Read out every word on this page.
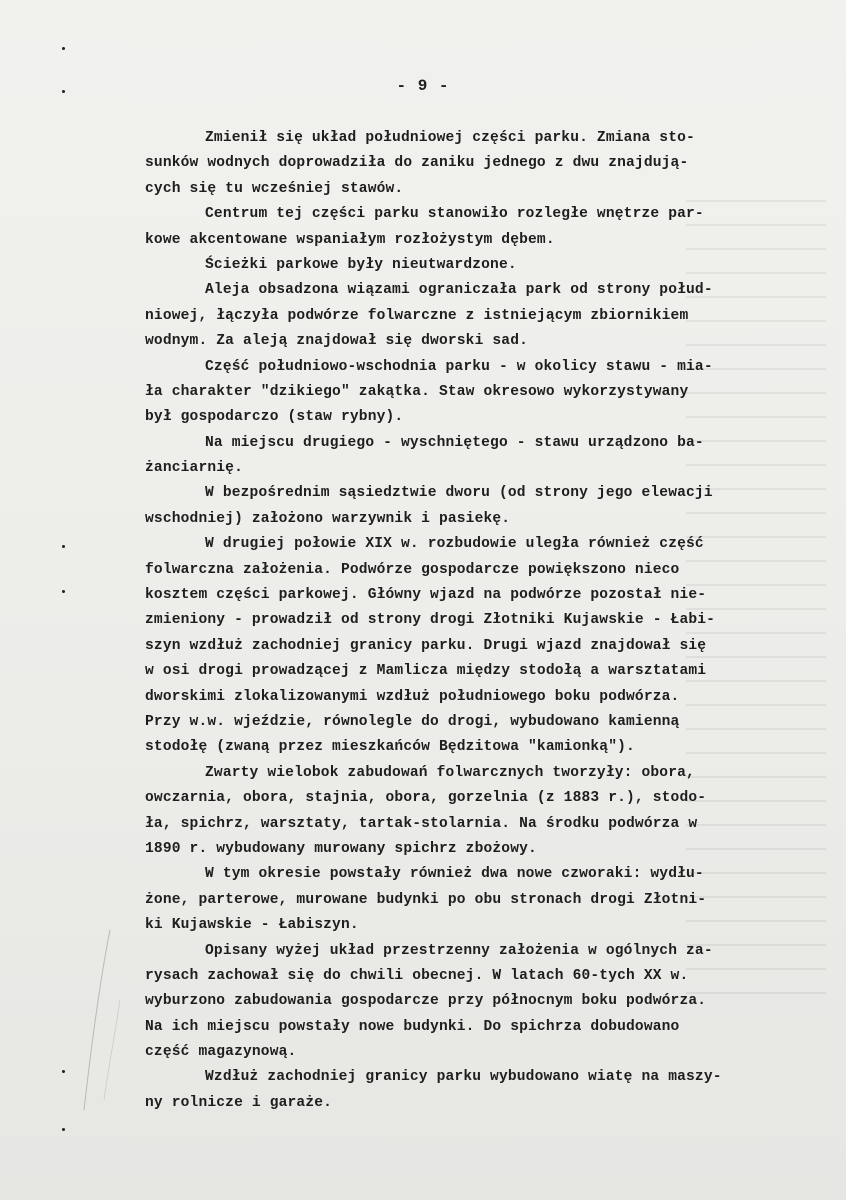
- 9 -
Zmienił się układ południowej części parku. Zmiana sto-
sunków wodnych doprowadziła do zaniku jednego z dwu znajdują-
cych się tu wcześniej stawów.
Centrum tej części parku stanowiło rozległe wnętrze par-
kowe akcentowane wspaniałym rozłożystym dębem.
Ścieżki parkowe były nieutwardzone.
Aleja obsadzona wiązami ograniczała park od strony połud-
niowej, łączyła podwórze folwarczne z istniejącym zbiornikiem
wodnym. Za aleją znajdował się dworski sad.
Część południowo-wschodnia parku - w okolicy stawu - mia-
ła charakter "dzikiego" zakątka. Staw okresowo wykorzystywany
był gospodarczo (staw rybny).
Na miejscu drugiego - wyschniętego - stawu urządzono ba-
żanciarnię.
W bezpośrednim sąsiedztwie dworu (od strony jego elewacji
wschodniej) założono warzywnik i pasiekę.
W drugiej połowie XIX w. rozbudowie uległa również część
folwarczna założenia. Podwórze gospodarcze powiększono nieco
kosztem części parkowej. Główny wjazd na podwórze pozostał nie-
zmieniony - prowadził od strony drogi Złotniki Kujawskie - Łabi-
szyn wzdłuż zachodniej granicy parku. Drugi wjazd znajdował się
w osi drogi prowadzącej z Mamlicza między stodołą a warsztatami
dworskimi zlokalizowanymi wzdłuż południowego boku podwórza.
Przy w.w. wjeździe, równolegle do drogi, wybudowano kamienną
stodołę (zwaną przez mieszkańców Będzitowa "kamionką").
Zwarty wielobok zabudowań folwarcznych tworzyły: obora,
owczarnia, obora, stajnia, obora, gorzelnia (z 1883 r.), stodo-
ła, spichrz, warsztaty, tartak-stolarnia. Na środku podwórza w
1890 r. wybudowany murowany spichrz zbożowy.
W tym okresie powstały również dwa nowe czworaki: wydłu-
żone, parterowe, murowane budynki po obu stronach drogi Złotni-
ki Kujawskie - Łabiszyn.
Opisany wyżej układ przestrzenny założenia w ogólnych za-
rysach zachował się do chwili obecnej. W latach 60-tych XX w.
wyburzono zabudowania gospodarcze przy północnym boku podwórza.
Na ich miejscu powstały nowe budynki. Do spichrza dobudowano
część magazynową.
Wzdłuż zachodniej granicy parku wybudowano wiatę na maszy-
ny rolnicze i garaże.
